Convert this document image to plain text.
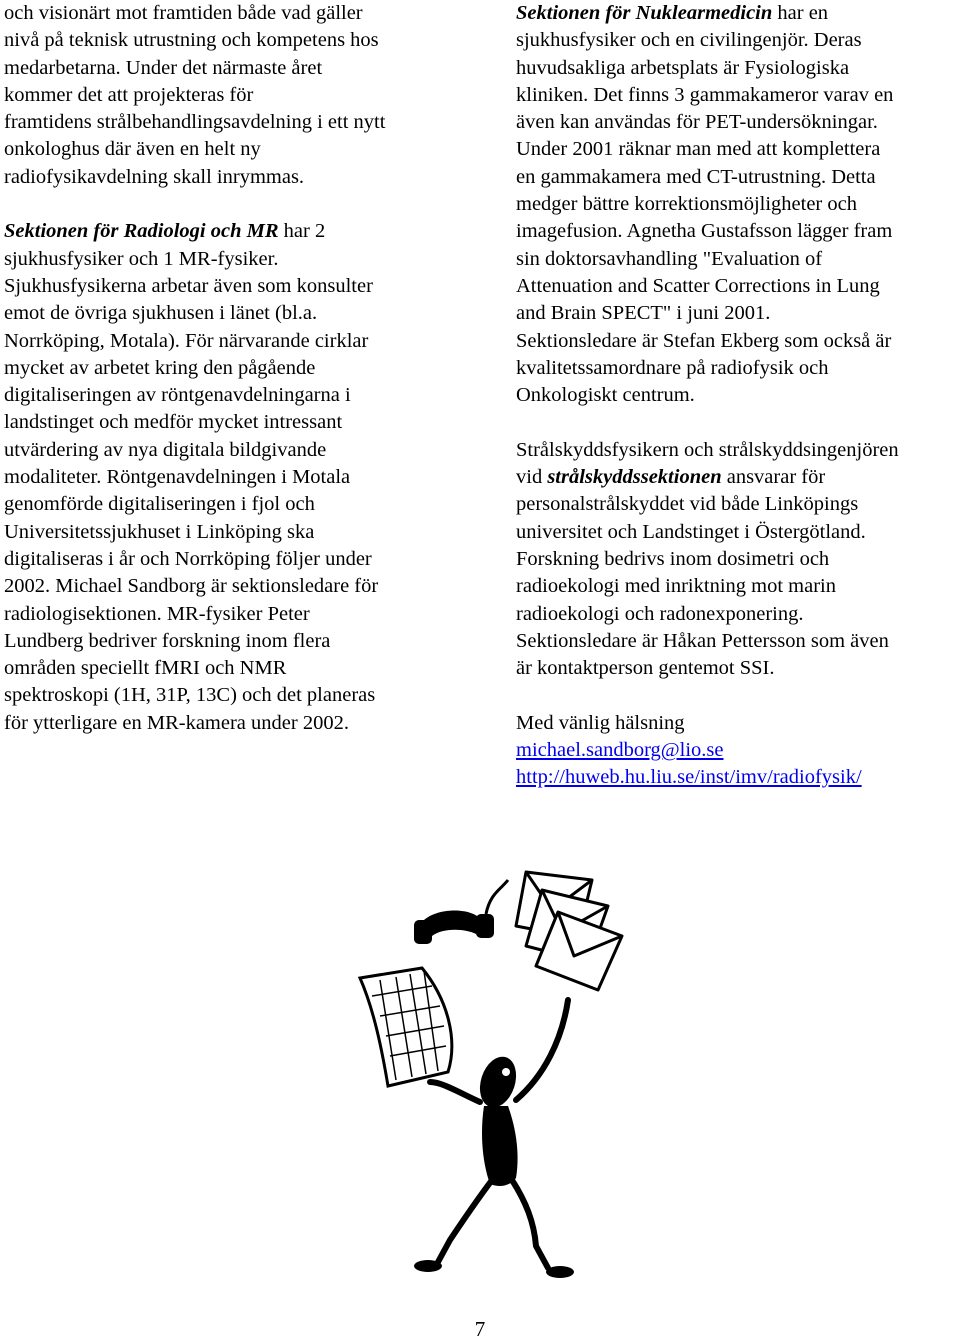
och visionärt mot framtiden både vad gäller
nivå på teknisk utrustning och kompetens hos
medarbetarna. Under det närmaste året
kommer det att projekteras för
framtidens strålbehandlingsavdelning i ett nytt
onkologhus där även en helt ny
radiofysikavdelning skall inrymmas.
Sektionen för Radiologi och MR har 2
sjukhusfysiker och 1 MR-fysiker.
Sjukhusfysikerna arbetar även som konsulter
emot de övriga sjukhusen i länet (bl.a.
Norrköping, Motala). För närvarande cirklar
mycket av arbetet kring den pågående
digitaliseringen av röntgenavdelningarna i
landstinget och medför mycket intressant
utvärdering av nya digitala bildgivande
modaliteter. Röntgenavdelningen i Motala
genomförde digitaliseringen i fjol och
Universitetssjukhuset i Linköping ska
digitaliseras i år och Norrköping följer under
2002. Michael Sandborg är sektionsledare för
radiologisektionen. MR-fysiker Peter
Lundberg bedriver forskning inom flera
områden speciellt fMRI och NMR
spektroskopi (1H, 31P, 13C) och det planeras
för ytterligare en MR-kamera under 2002.
Sektionen för Nuklearmedicin har en
sjukhusfysiker och en civilingenjör. Deras
huvudsakliga arbetsplats är Fysiologiska
kliniken. Det finns 3 gammakameror varav en
även kan användas för PET-undersökningar.
Under 2001 räknar man med att komplettera
en gammakamera med CT-utrustning. Detta
medger bättre korrektionsmöjligheter och
imagefusion. Agnetha Gustafsson lägger fram
sin doktorsavhandling "Evaluation of
Attenuation and Scatter Corrections in Lung
and Brain SPECT" i juni 2001.
Sektionsledare är Stefan Ekberg som också är
kvalitetssamordnare på radiofysik och
Onkologiskt centrum.
Strålskyddsfysikern och strålskyddsingenjören
vid strålskyddssektionen ansvarar för
personalstrålskyddet vid både Linköpings
universitet och Landstinget i Östergötland.
Forskning bedrivs inom dosimetri och
radioekologi med inriktning mot marin
radioekologi och radonexponering.
Sektionsledare är Håkan Pettersson som även
är kontaktperson gentemot SSI.
Med vänlig hälsning
michael.sandborg@lio.se
http://huweb.hu.liu.se/inst/imv/radiofysik/
7
